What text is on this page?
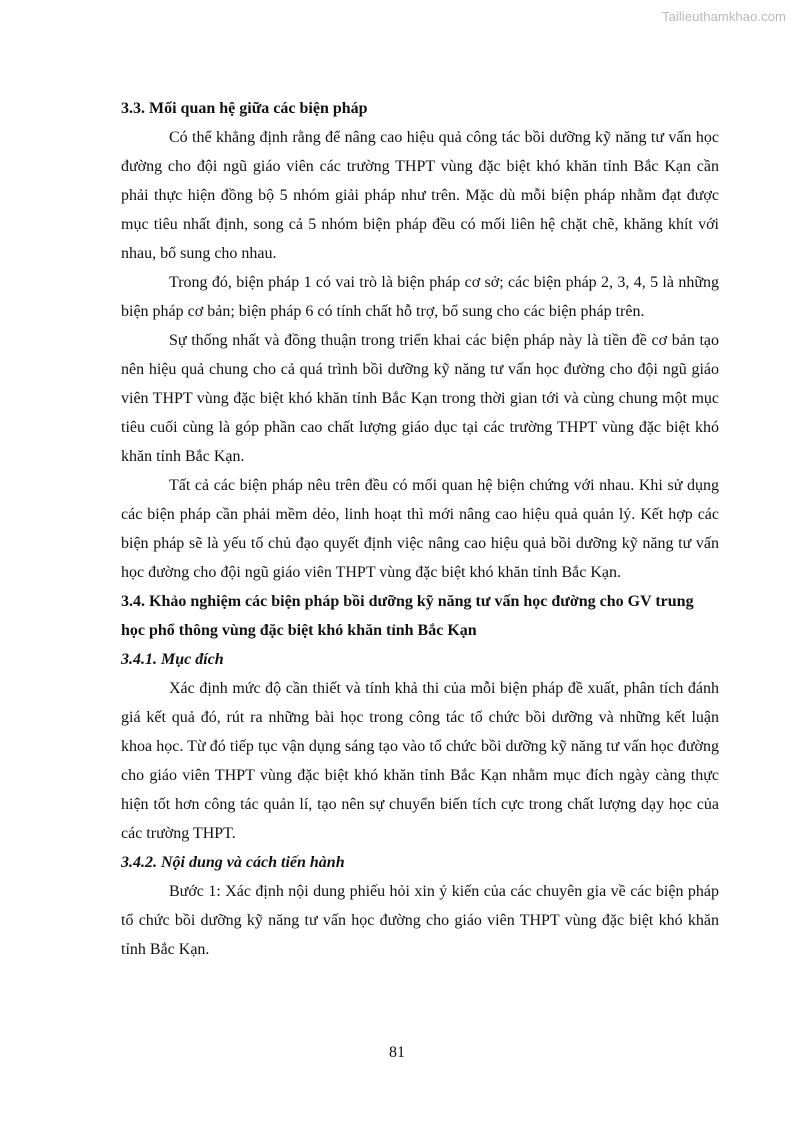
Tailieuthamkhao.com

3.3. Mối quan hệ giữa các biện pháp

Có thể khẳng định rằng để nâng cao hiệu quả công tác bồi dưỡng kỹ năng tư vấn học đường cho đội ngũ giáo viên các trường THPT vùng đặc biệt khó khăn tỉnh Bắc Kạn cần phải thực hiện đồng bộ 5 nhóm giải pháp như trên. Mặc dù mỗi biện pháp nhằm đạt được mục tiêu nhất định, song cả 5 nhóm biện pháp đều có mối liên hệ chặt chẽ, khăng khít với nhau, bổ sung cho nhau.

Trong đó, biện pháp 1 có vai trò là biện pháp cơ sở; các biện pháp 2, 3, 4, 5 là những biện pháp cơ bản; biện pháp 6 có tính chất hỗ trợ, bổ sung cho các biện pháp trên.

Sự thống nhất và đồng thuận trong triển khai các biện pháp này là tiền đề cơ bản tạo nên hiệu quả chung cho cả quá trình bồi dưỡng kỹ năng tư vấn học đường cho đội ngũ giáo viên THPT vùng đặc biệt khó khăn tỉnh Bắc Kạn trong thời gian tới và cùng chung một mục tiêu cuối cùng là góp phần cao chất lượng giáo dục tại các trường THPT vùng đặc biệt khó khăn tỉnh Bắc Kạn.

Tất cả các biện pháp nêu trên đều có mối quan hệ biện chứng với nhau. Khi sử dụng các biện pháp cần phải mềm dẻo, linh hoạt thì mới nâng cao hiệu quả quản lý. Kết hợp các biện pháp sẽ là yếu tố chủ đạo quyết định việc nâng cao hiệu quả bồi dưỡng kỹ năng tư vấn học đường cho đội ngũ giáo viên THPT vùng đặc biệt khó khăn tỉnh Bắc Kạn.

3.4. Khảo nghiệm các biện pháp bồi dưỡng kỹ năng tư vấn học đường cho GV trung học phổ thông vùng đặc biệt khó khăn tỉnh Bắc Kạn

3.4.1. Mục đích

Xác định mức độ cần thiết và tính khả thi của mỗi biện pháp đề xuất, phân tích đánh giá kết quả đó, rút ra những bài học trong công tác tổ chức bồi dưỡng và những kết luận khoa học. Từ đó tiếp tục vận dụng sáng tạo vào tổ chức bồi dưỡng kỹ năng tư vấn học đường cho giáo viên THPT vùng đặc biệt khó khăn tỉnh Bắc Kạn nhằm mục đích ngày càng thực hiện tốt hơn công tác quản lí, tạo nên sự chuyển biến tích cực trong chất lượng dạy học của các trường THPT.

3.4.2. Nội dung và cách tiến hành

Bước 1: Xác định nội dung phiếu hỏi xin ý kiến của các chuyên gia về các biện pháp tổ chức bồi dưỡng kỹ năng tư vấn học đường cho giáo viên THPT vùng đặc biệt khó khăn tỉnh Bắc Kạn.

81
